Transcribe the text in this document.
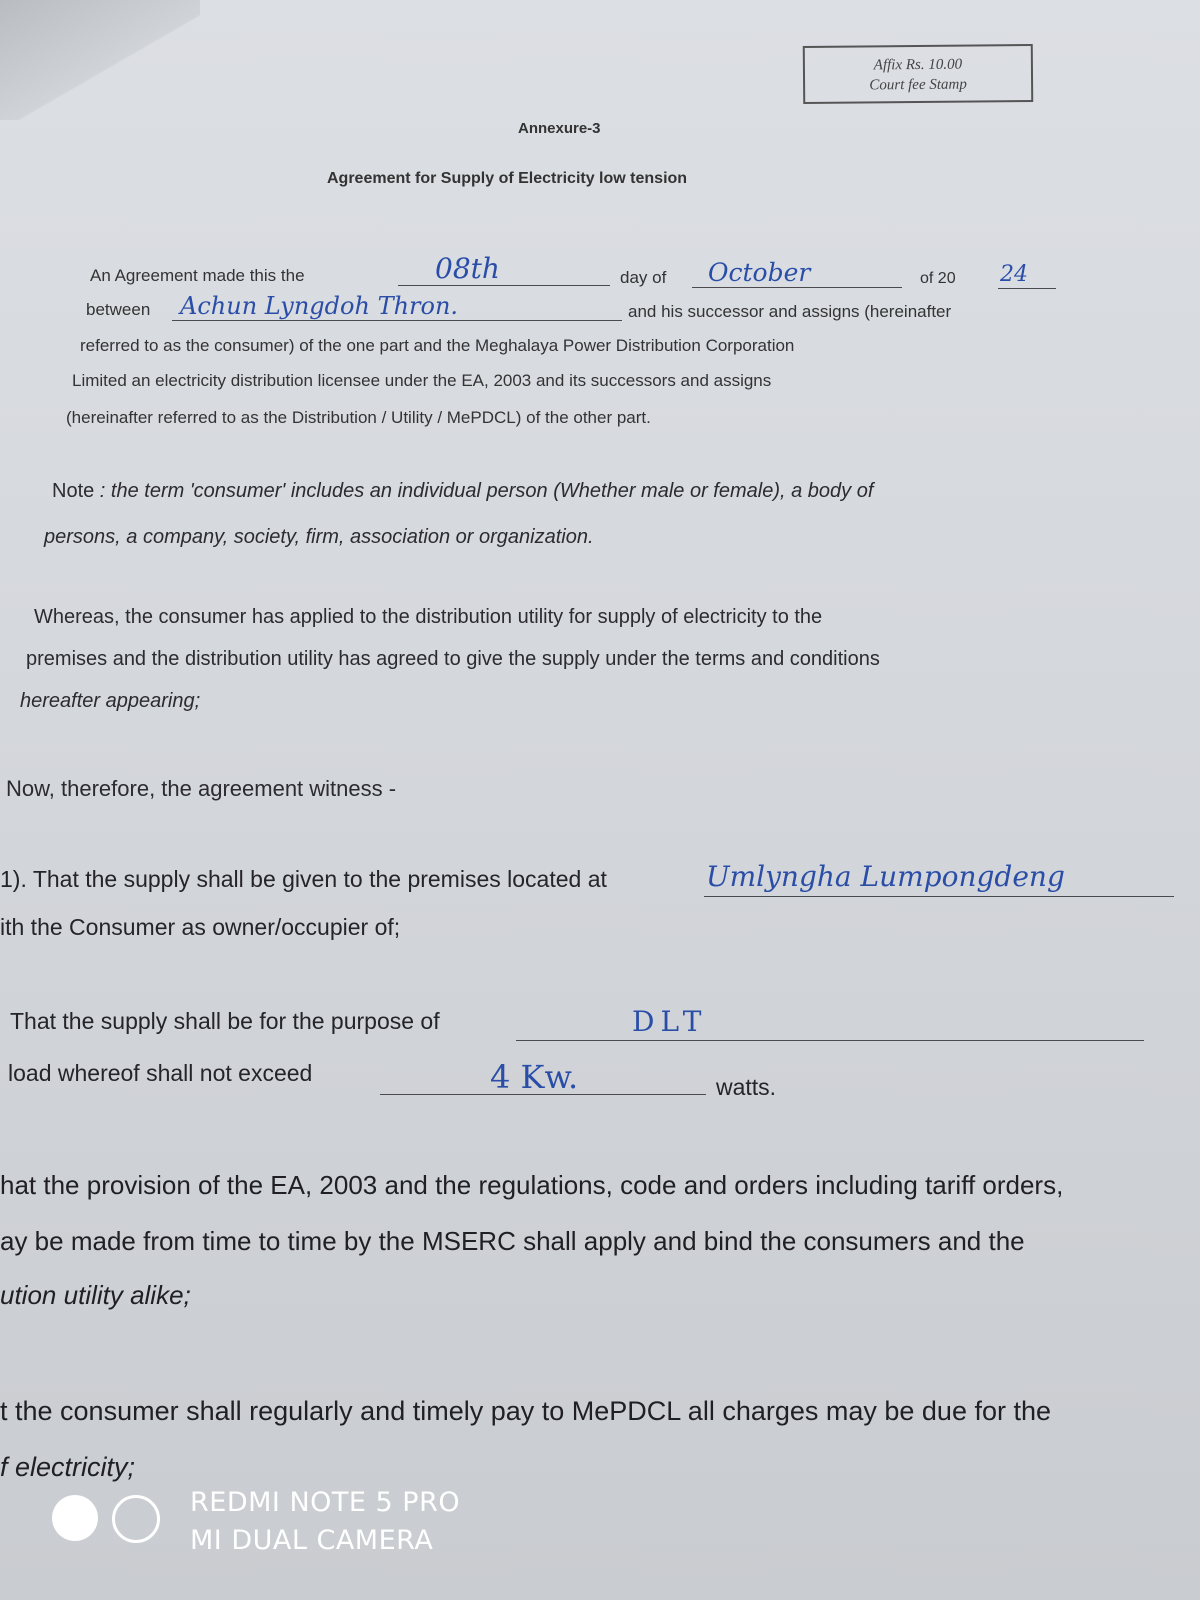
Affix Rs. 10.00
Court fee Stamp
Annexure-3
Agreement for Supply of Electricity low tension
An Agreement made this the	08th	day of October	of 20 24
between Achun Lyngdoh Thron.	and his successor and assigns (hereinafter
referred to as the consumer) of the one part and the Meghalaya Power Distribution Corporation
Limited an electricity distribution licensee under the EA, 2003 and its successors and assigns
(hereinafter referred to as the Distribution / Utility / MePDCL) of the other part.
Note : the term 'consumer' includes an individual person (Whether male or female), a body of
persons, a company, society, firm, association or organization.
Whereas, the consumer has applied to the distribution utility for supply of electricity to the
premises and the distribution utility has agreed to give the supply under the terms and conditions
hereafter appearing;
Now, therefore, the agreement witness -
1). That the supply shall be given to the premises located at	Umlyngha Lumpongdeng
ith the Consumer as owner/occupier of;
That the supply shall be for the purpose of	DLT
load whereof shall not exceed	4 Kw.	watts.
hat the provision of the EA, 2003 and the regulations, code and orders including tariff orders,
ay be made from time to time by the MSERC shall apply and bind the consumers and the
ution utility alike;
t the consumer shall regularly and timely pay to MePDCL all charges may be due for the
f electricity;
REDMI NOTE 5 PRO
MI DUAL CAMERA
